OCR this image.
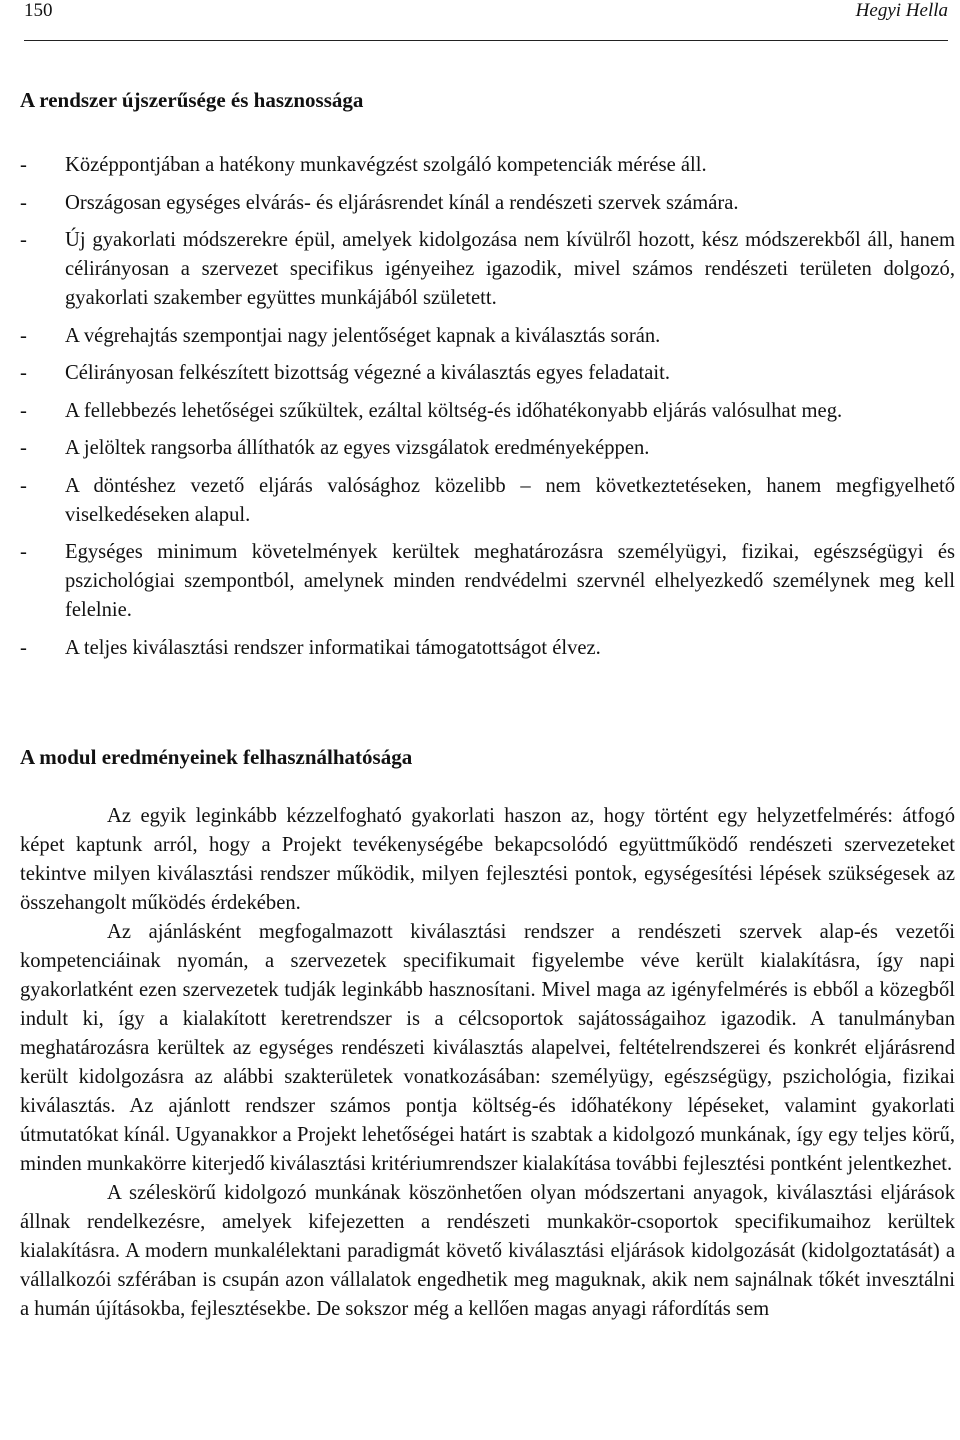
150	Hegyi Hella
A rendszer újszerűsége és hasznossága
- Középpontjában a hatékony munkavégzést szolgáló kompetenciák mérése áll.
- Országosan egységes elvárás- és eljárásrendet kínál a rendészeti szervek számára.
- Új gyakorlati módszerekre épül, amelyek kidolgozása nem kívülről hozott, kész módszerekből áll, hanem célirányosan a szervezet specifikus igényeihez igazodik, mivel számos rendészeti területen dolgozó, gyakorlati szakember együttes munkájából született.
- A végrehajtás szempontjai nagy jelentőséget kapnak a kiválasztás során.
- Célirányosan felkészített bizottság végezné a kiválasztás egyes feladatait.
- A fellebbezés lehetőségei szűkültek, ezáltal költség-és időhatékonyabb eljárás valósulhat meg.
- A jelöltek rangsorba állíthatók az egyes vizsgálatok eredményeképpen.
- A döntéshez vezető eljárás valósághoz közelibb – nem következtetéseken, hanem megfigyelhető viselkedéseken alapul.
- Egységes minimum követelmények kerültek meghatározásra személyügyi, fizikai, egészségügyi és pszichológiai szempontból, amelynek minden rendvédelmi szervnél elhelyezkedő személynek meg kell felelnie.
- A teljes kiválasztási rendszer informatikai támogatottságot élvez.
A modul eredményeinek felhasználhatósága

Az egyik leginkább kézzelfogható gyakorlati haszon az, hogy történt egy helyzetfelmérés: átfogó képet kaptunk arról, hogy a Projekt tevékenységébe bekapcsolódó együttműködő rendészeti szervezeteket tekintve milyen kiválasztási rendszer működik, milyen fejlesztési pontok, egységesítési lépések szükségesek az összehangolt működés érdekében.

Az ajánlásként megfogalmazott kiválasztási rendszer a rendészeti szervek alap-és vezetői kompetenciáinak nyomán, a szervezetek specifikumait figyelembe véve került kialakításra, így napi gyakorlatként ezen szervezetek tudják leginkább hasznosítani. Mivel maga az igényfelmérés is ebből a közegből indult ki, így a kialakított keretrendszer is a célcsoportok sajátosságaihoz igazodik. A tanulmányban meghatározásra kerültek az egységes rendészeti kiválasztás alapelvei, feltételrendszerei és konkrét eljárásrend került kidolgozásra az alábbi szakterületek vonatkozásában: személyügy, egészségügy, pszichológia, fizikai kiválasztás. Az ajánlott rendszer számos pontja költség-és időhatékony lépéseket, valamint gyakorlati útmutatókat kínál. Ugyanakkor a Projekt lehetőségei határt is szabtak a kidolgozó munkának, így egy teljes körű, minden munkakörre kiterjedő kiválasztási kritériumrendszer kialakítása további fejlesztési pontként jelentkezhet.

A széleskörű kidolgozó munkának köszönhetően olyan módszertani anyagok, kiválasztási eljárások állnak rendelkezésre, amelyek kifejezetten a rendészeti munkakör-csoportok specifikumaihoz kerültek kialakításra. A modern munkalélektani paradigmát követő kiválasztási eljárások kidolgozását (kidolgoztatását) a vállalkozói szférában is csupán azon vállalatok engedhetik meg maguknak, akik nem sajnálnak tőkét invesztálni a humán újításokba, fejlesztésekbe. De sokszor még a kellően magas anyagi ráfordítás sem
